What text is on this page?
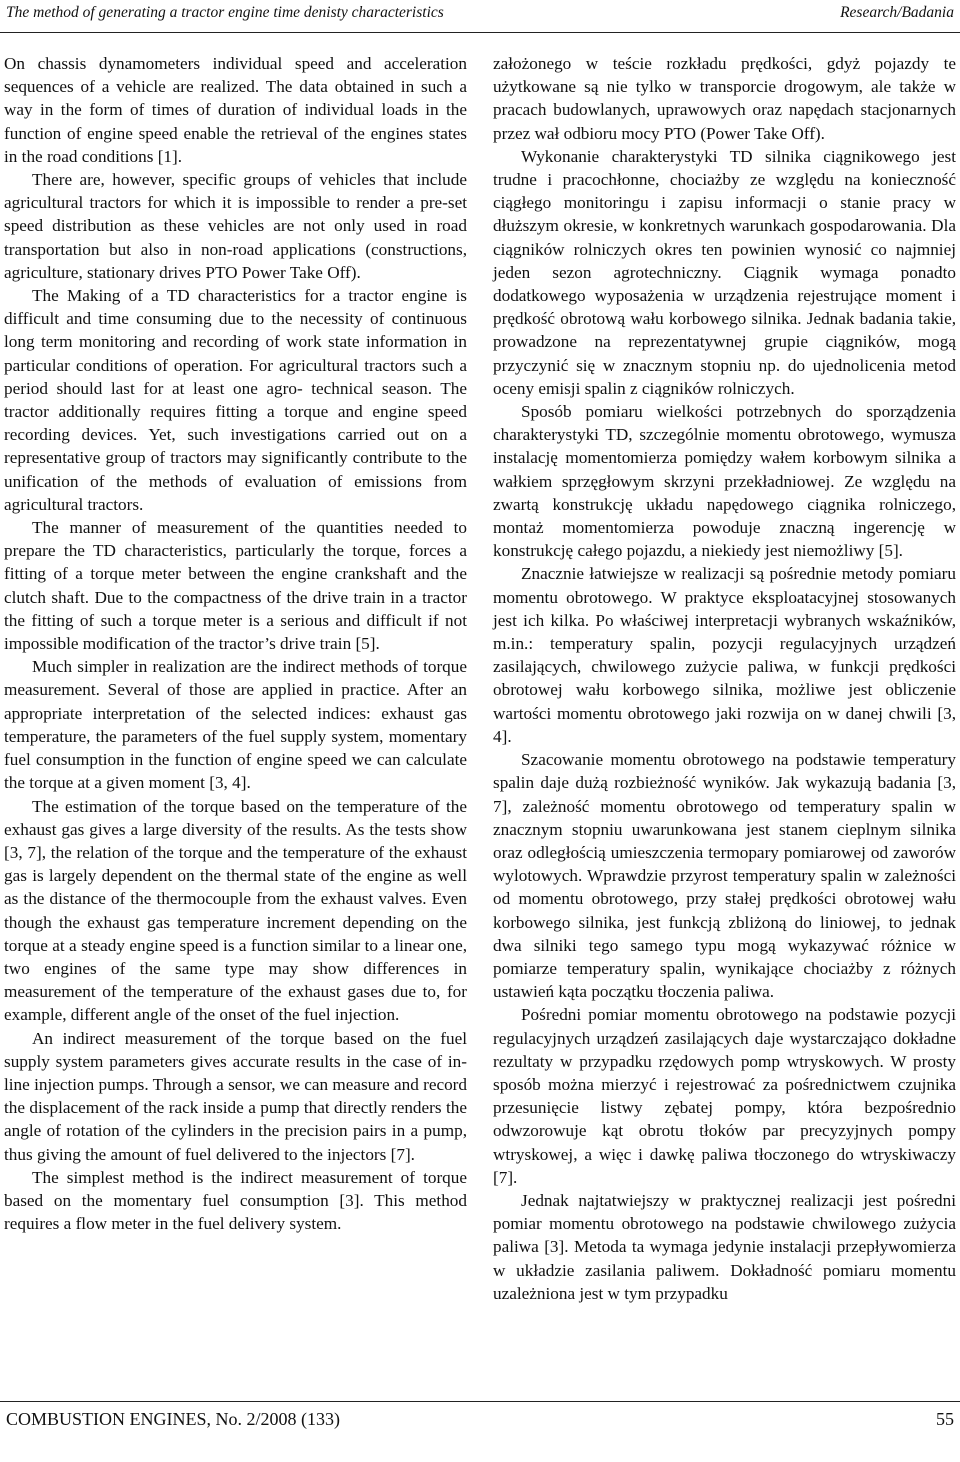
The method of generating a tractor engine time denisty characteristics	Research/Badania

On chassis dynamometers individual speed and acceleration sequences of a vehicle are realized. The data obtained in such a way in the form of times of duration of individual loads in the function of engine speed enable the retrieval of the engines states in the road conditions [1].

There are, however, specific groups of vehicles that include agricultural tractors for which it is impossible to render a pre-set speed distribution as these vehicles are not only used in road transportation but also in non-road applications (constructions, agriculture, stationary drives PTO Power Take Off).

The Making of a TD characteristics for a tractor engine is difficult and time consuming due to the necessity of continuous long term monitoring and recording of work state information in particular conditions of operation. For agricultural tractors such a period should last for at least one agro- technical season. The tractor additionally requires fitting a torque and engine speed recording devices. Yet, such investigations carried out on a representative group of tractors may significantly contribute to the unification of the methods of evaluation of emissions from agricultural tractors.

The manner of measurement of the quantities needed to prepare the TD characteristics, particularly the torque, forces a fitting of a torque meter between the engine crankshaft and the clutch shaft. Due to the compactness of the drive train in a tractor the fitting of such a torque meter is a serious and difficult if not impossible modification of the tractor’s drive train [5].

Much simpler in realization are the indirect methods of torque measurement. Several of those are applied in practice. After an appropriate interpretation of the selected indices: exhaust gas temperature, the parameters of the fuel supply system, momentary fuel consumption in the function of engine speed we can calculate the torque at a given moment [3, 4].

The estimation of the torque based on the temperature of the exhaust gas gives a large diversity of the results. As the tests show [3, 7], the relation of the torque and the temperature of the exhaust gas is largely dependent on the thermal state of the engine as well as the distance of the thermocouple from the exhaust valves. Even though the exhaust gas temperature increment depending on the torque at a steady engine speed is a function similar to a linear one, two engines of the same type may show differences in measurement of the temperature of the exhaust gases due to, for example, different angle of the onset of the fuel injection.

An indirect measurement of the torque based on the fuel supply system parameters gives accurate results in the case of in-line injection pumps. Through a sensor, we can measure and record the displacement of the rack inside a pump that directly renders the angle of rotation of the cylinders in the precision pairs in a pump, thus giving the amount of fuel delivered to the injectors [7].

The simplest method is the indirect measurement of torque based on the momentary fuel consumption [3]. This method requires a flow meter in the fuel delivery system.

założonego w teście rozkładu prędkości, gdyż pojazdy te użytkowane są nie tylko w transporcie drogowym, ale także w pracach budowlanych, uprawowych oraz napędach stacjonarnych przez wał odbioru mocy PTO (Power Take Off).

Wykonanie charakterystyki TD silnika ciągnikowego jest trudne i pracochłonne, chociażby ze względu na konieczność ciągłego monitoringu i zapisu informacji o stanie pracy w dłuższym okresie, w konkretnych warunkach gospodarowania. Dla ciągników rolniczych okres ten powinien wynosić co najmniej jeden sezon agrotechniczny. Ciągnik wymaga ponadto dodatkowego wyposażenia w urządzenia rejestrujące moment i prędkość obrotową wału korbowego silnika. Jednak badania takie, prowadzone na reprezentatywnej grupie ciągników, mogą przyczynić się w znacznym stopniu np. do ujednolicenia metod oceny emisji spalin z ciągników rolniczych.

Sposób pomiaru wielkości potrzebnych do sporządzenia charakterystyki TD, szczególnie momentu obrotowego, wymusza instalację momentomierza pomiędzy wałem korbowym silnika a wałkiem sprzęgłowym skrzyni przekładniowej. Ze względu na zwartą konstrukcję układu napędowego ciągnika rolniczego, montaż momentomierza powoduje znaczną ingerencję w konstrukcję całego pojazdu, a niekiedy jest niemożliwy [5].

Znacznie łatwiejsze w realizacji są pośrednie metody pomiaru momentu obrotowego. W praktyce eksploatacyjnej stosowanych jest ich kilka. Po właściwej interpretacji wybranych wskaźników, m.in.: temperatury spalin, pozycji regulacyjnych urządzeń zasilających, chwilowego zużycie paliwa, w funkcji prędkości obrotowej wału korbowego silnika, możliwe jest obliczenie wartości momentu obrotowego jaki rozwija on w danej chwili [3, 4].

Szacowanie momentu obrotowego na podstawie temperatury spalin daje dużą rozbieżność wyników. Jak wykazują badania [3, 7], zależność momentu obrotowego od temperatury spalin w znacznym stopniu uwarunkowana jest stanem cieplnym silnika oraz odległością umieszczenia termopary pomiarowej od zaworów wylotowych. Wprawdzie przyrost temperatury spalin w zależności od momentu obrotowego, przy stałej prędkości obrotowej wału korbowego silnika, jest funkcją zbliżoną do liniowej, to jednak dwa silniki tego samego typu mogą wykazywać różnice w pomiarze temperatury spalin, wynikające chociażby z różnych ustawień kąta początku tłoczenia paliwa.

Pośredni pomiar momentu obrotowego na podstawie pozycji regulacyjnych urządzeń zasilających daje wystarczająco dokładne rezultaty w przypadku rzędowych pomp wtryskowych. W prosty sposób można mierzyć i rejestrować za pośrednictwem czujnika przesunięcie listwy zębatej pompy, która bezpośrednio odwzorowuje kąt obrotu tłoków par precyzyjnych pompy wtryskowej, a więc i dawkę paliwa tłoczonego do wtryskiwaczy [7].

Jednak najtatwiejszy w praktycznej realizacji jest pośredni pomiar momentu obrotowego na podstawie chwilowego zużycia paliwa [3]. Metoda ta wymaga jedynie instalacji przepływomierza w układzie zasilania paliwem. Dokładność pomiaru momentu uzależniona jest w tym przypadku

COMBUSTION ENGINES, No. 2/2008 (133)	55
